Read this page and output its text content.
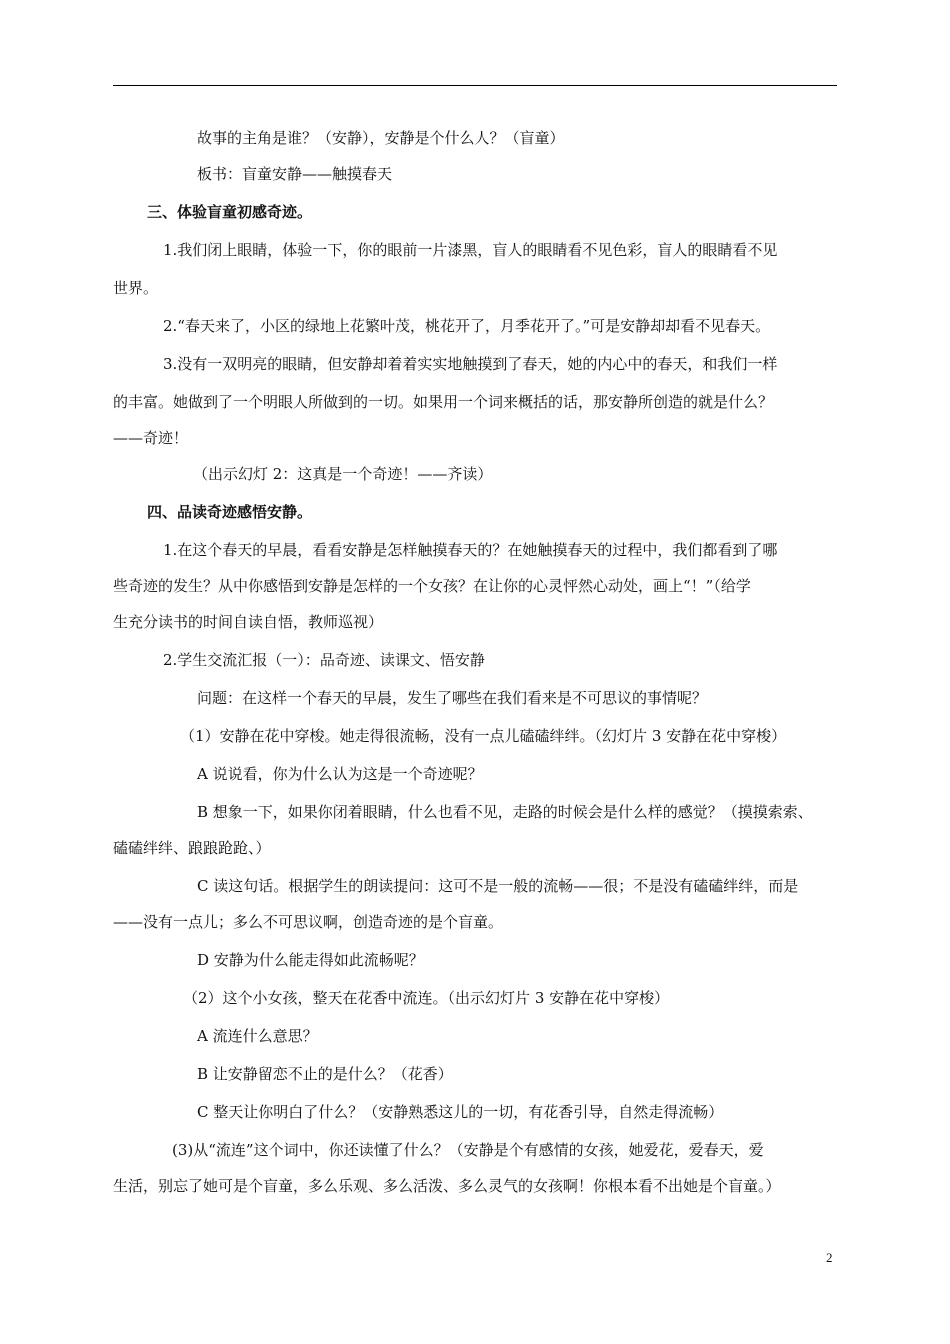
故事的主角是谁？（安静），安静是个什么人？（盲童）
板书：盲童安静——触摸春天
三、体验盲童初感奇迹。
1.我们闭上眼睛，体验一下，你的眼前一片漆黑，盲人的眼睛看不见色彩，盲人的眼睛看不见
世界。
2.“春天来了，小区的绿地上花繁叶茂，桃花开了，月季花开了。”可是安静却却看不见春天。
3.没有一双明亮的眼睛，但安静却着着实实地触摸到了春天，她的内心中的春天，和我们一样
的丰富。她做到了一个明眼人所做到的一切。如果用一个词来概括的话，那安静所创造的就是什么？
——奇迹！
（出示幻灯 2：这真是一个奇迹！——齐读）
四、品读奇迹感悟安静。
1.在这个春天的早晨，看看安静是怎样触摸春天的？在她触摸春天的过程中，我们都看到了哪
些奇迹的发生？从中你感悟到安静是怎样的一个女孩？在让你的心灵怦然心动处，画上“！”（给学
生充分读书的时间自读自悟，教师巡视）
2.学生交流汇报（一）：品奇迹、读课文、悟安静
问题：在这样一个春天的早晨，发生了哪些在我们看来是不可思议的事情呢？
（1）安静在花中穿梭。她走得很流畅，没有一点儿磕磕绊绊。（幻灯片 3 安静在花中穿梭）
A 说说看，你为什么认为这是一个奇迹呢？
B 想象一下，如果你闭着眼睛，什么也看不见，走路的时候会是什么样的感觉？（摸摸索索、
磕磕绊绊、踉踉跄跄、）
C 读这句话。根据学生的朗读提问：这可不是一般的流畅——很；不是没有磕磕绊绊，而是
——没有一点儿；多么不可思议啊，创造奇迹的是个盲童。
D 安静为什么能走得如此流畅呢？
（2）这个小女孩，整天在花香中流连。（出示幻灯片 3 安静在花中穿梭）
A 流连什么意思？
B 让安静留恋不止的是什么？（花香）
C 整天让你明白了什么？（安静熟悉这儿的一切，有花香引导，自然走得流畅）
(3)从“流连”这个词中，你还读懂了什么？（安静是个有感情的女孩，她爱花，爱春天，爱
生活，别忘了她可是个盲童，多么乐观、多么活泼、多么灵气的女孩啊！你根本看不出她是个盲童。）
2
